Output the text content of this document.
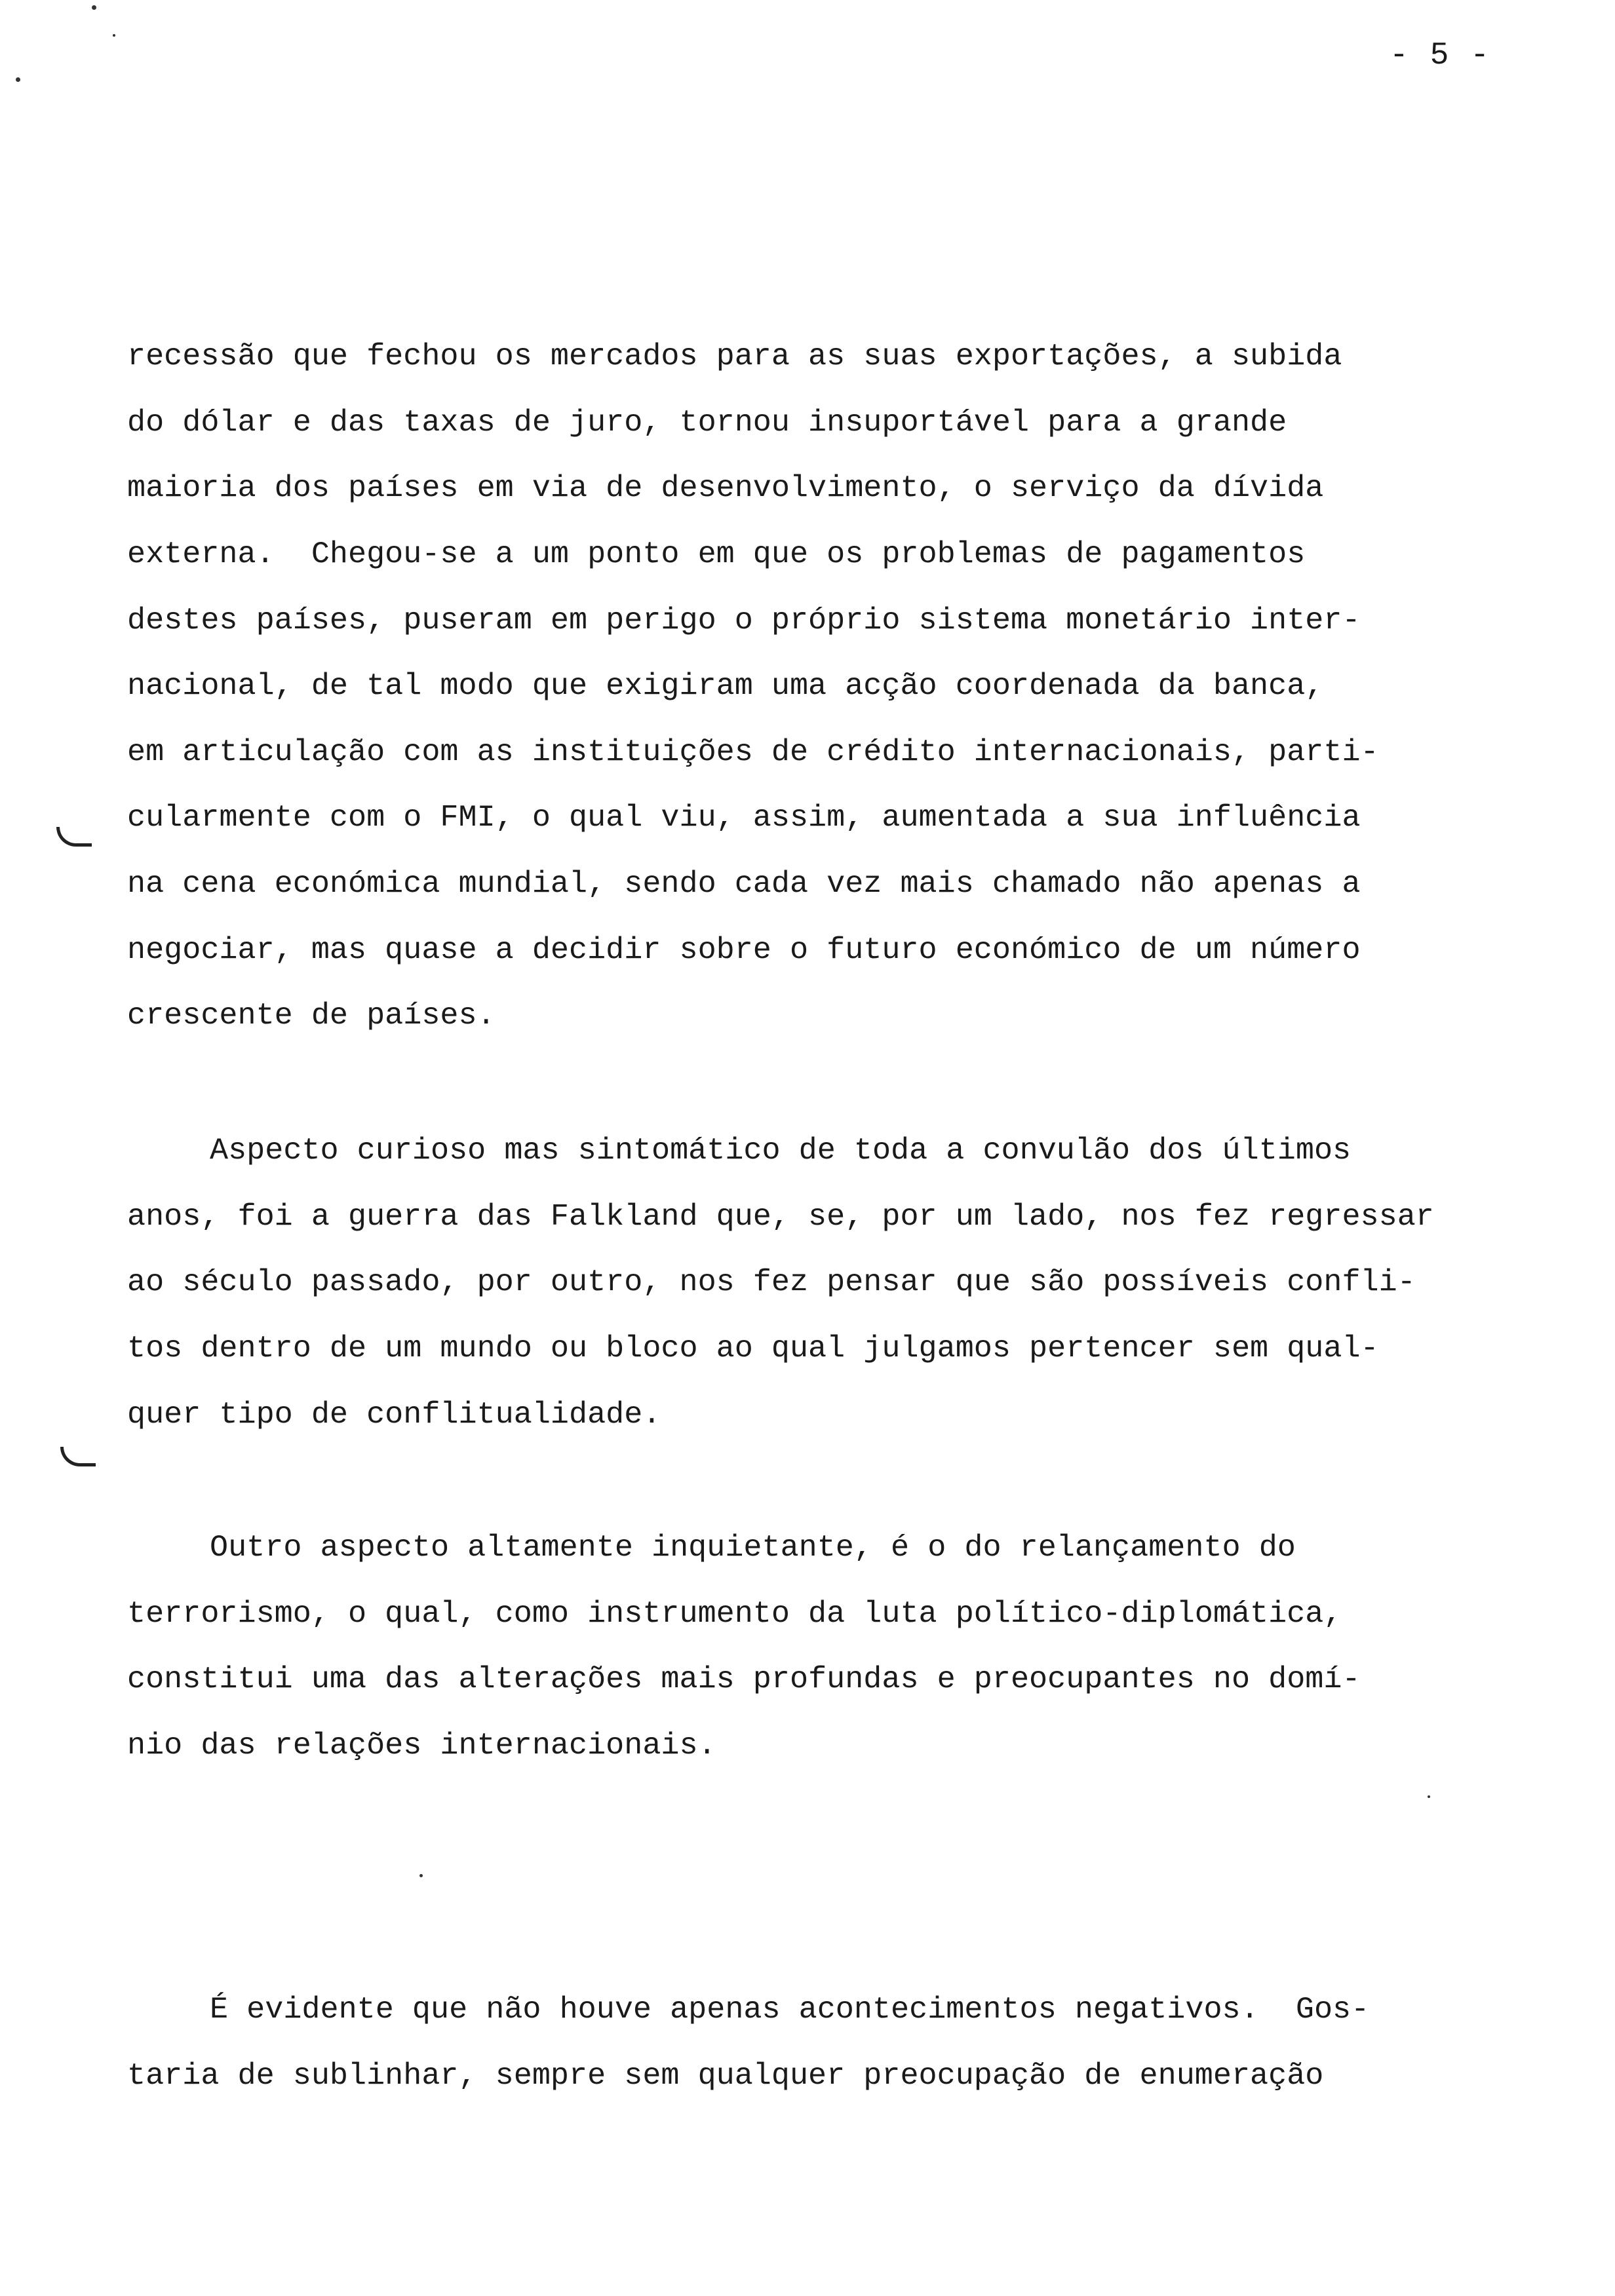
- 5 -
recessão que fechou os mercados para as suas exportações, a subida
do dólar e das taxas de juro, tornou insuportável para a grande
maioria dos países em via de desenvolvimento, o serviço da dívida
externa.  Chegou-se a um ponto em que os problemas de pagamentos
destes países, puseram em perigo o próprio sistema monetário inter-
nacional, de tal modo que exigiram uma acção coordenada da banca,
em articulação com as instituições de crédito internacionais, parti-
cularmente com o FMI, o qual viu, assim, aumentada a sua influência
na cena económica mundial, sendo cada vez mais chamado não apenas a
negociar, mas quase a decidir sobre o futuro económico de um número
crescente de países.
Aspecto curioso mas sintomático de toda a convulão dos últimos
anos, foi a guerra das Falkland que, se, por um lado, nos fez regressar
ao século passado, por outro, nos fez pensar que são possíveis confli-
tos dentro de um mundo ou bloco ao qual julgamos pertencer sem qual-
quer tipo de conflitualidade.
Outro aspecto altamente inquietante, é o do relançamento do
terrorismo, o qual, como instrumento da luta político-diplomática,
constitui uma das alterações mais profundas e preocupantes no domí-
nio das relações internacionais.
É evidente que não houve apenas acontecimentos negativos.  Gos-
taria de sublinhar, sempre sem qualquer preocupação de enumeração
